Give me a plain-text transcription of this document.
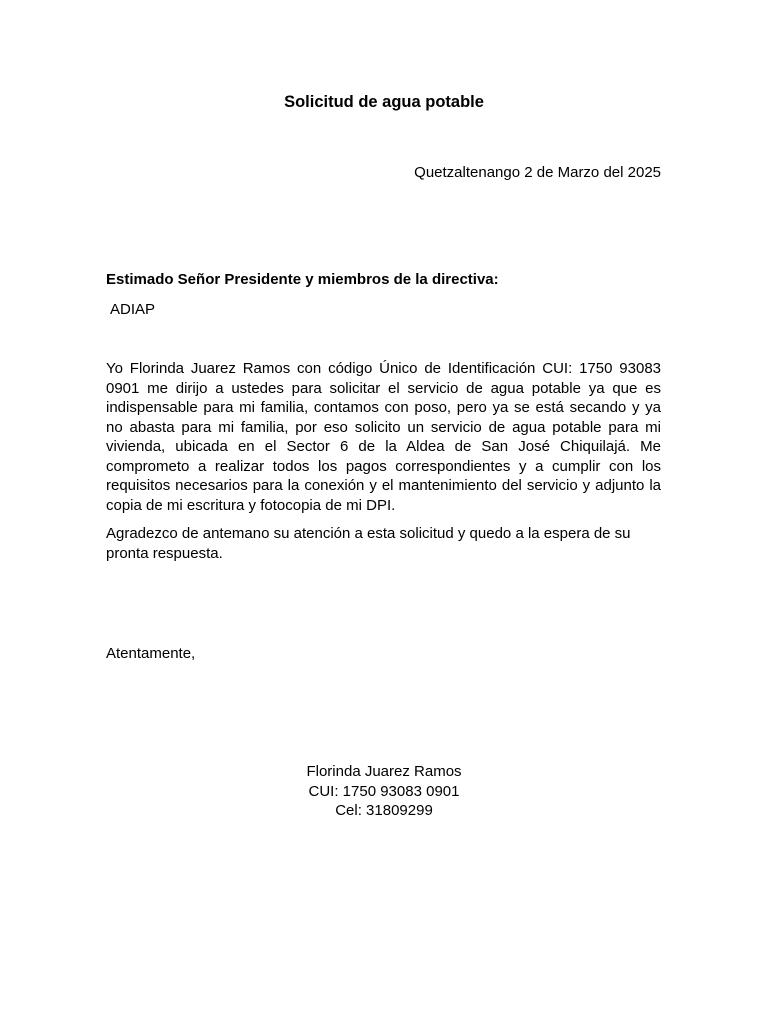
Solicitud de agua potable
Quetzaltenango 2 de Marzo del 2025
Estimado Señor Presidente y miembros de la directiva:
ADIAP

Yo Florinda Juarez Ramos con código Único de Identificación CUI: 1750 93083 0901 me dirijo a ustedes para solicitar el servicio de agua potable ya que es indispensable para mi familia, contamos con poso, pero ya se está secando y ya no abasta para mi familia, por eso solicito un servicio de agua potable para mi vivienda, ubicada en el Sector 6 de la Aldea de San José Chiquilajá. Me comprometo a realizar todos los pagos correspondientes y a cumplir con los requisitos necesarios para la conexión y el mantenimiento del servicio y adjunto la copia de mi escritura y fotocopia de mi DPI.

Agradezco de antemano su atención a esta solicitud y quedo a la espera de su pronta respuesta.

Atentamente,
Florinda Juarez Ramos
CUI: 1750 93083 0901
Cel: 31809299
